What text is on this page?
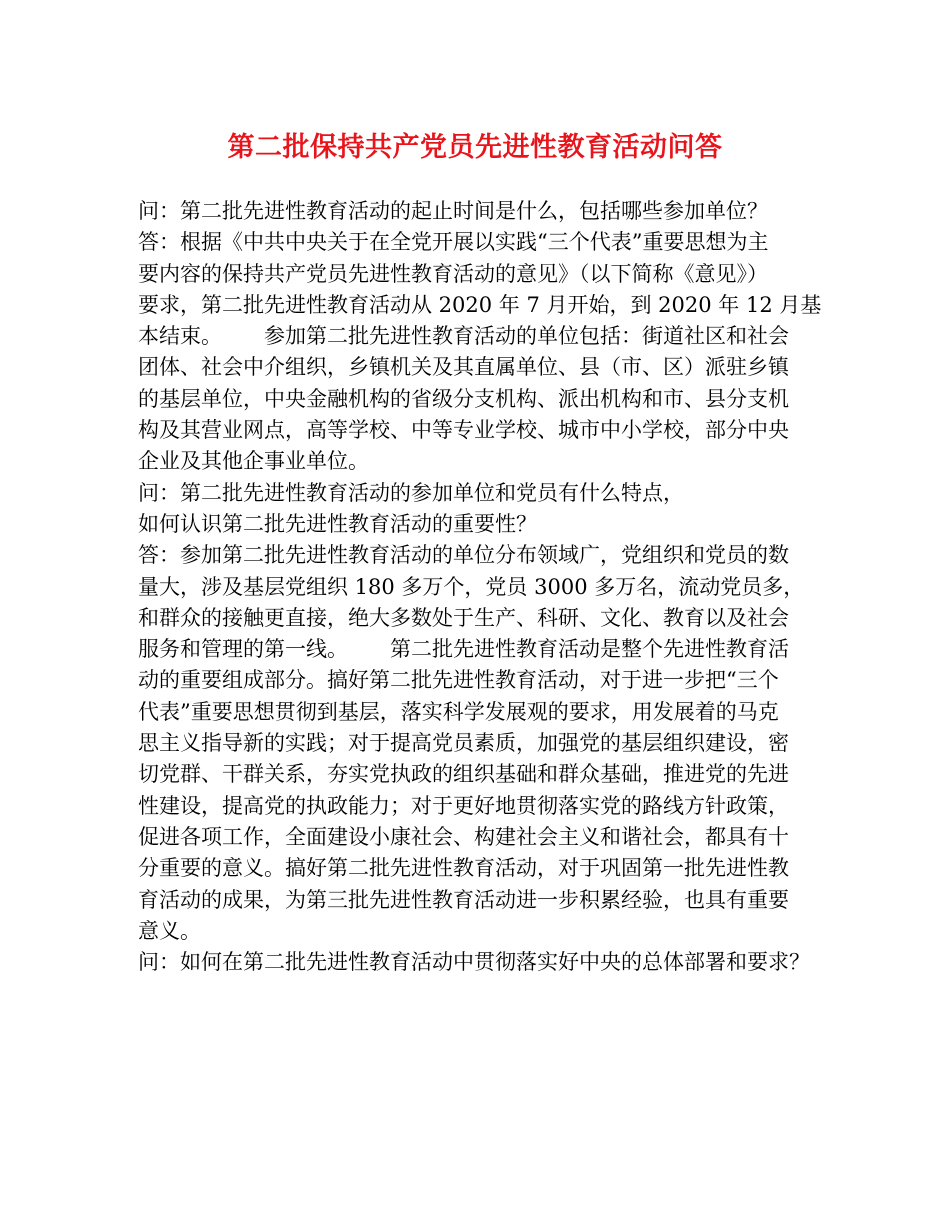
第二批保持共产党员先进性教育活动问答
问：第二批先进性教育活动的起止时间是什么，包括哪些参加单位？
答：根据《中共中央关于在全党开展以实践“三个代表”重要思想为主
要内容的保持共产党员先进性教育活动的意见》（以下简称《意见》）
要求，第二批先进性教育活动从 2020 年 7 月开始，到 2020 年 12 月基
本结束。 参加第二批先进性教育活动的单位包括：街道社区和社会
团体、社会中介组织，乡镇机关及其直属单位、县（市、区）派驻乡镇
的基层单位，中央金融机构的省级分支机构、派出机构和市、县分支机
构及其营业网点，高等学校、中等专业学校、城市中小学校，部分中央
企业及其他企事业单位。
问：第二批先进性教育活动的参加单位和党员有什么特点，
如何认识第二批先进性教育活动的重要性？
答：参加第二批先进性教育活动的单位分布领域广，党组织和党员的数
量大，涉及基层党组织 180 多万个，党员 3000 多万名，流动党员多，
和群众的接触更直接，绝大多数处于生产、科研、文化、教育以及社会
服务和管理的第一线。 第二批先进性教育活动是整个先进性教育活
动的重要组成部分。搞好第二批先进性教育活动，对于进一步把“三个
代表”重要思想贯彻到基层，落实科学发展观的要求，用发展着的马克
思主义指导新的实践；对于提高党员素质，加强党的基层组织建设，密
切党群、干群关系，夯实党执政的组织基础和群众基础，推进党的先进
性建设，提高党的执政能力；对于更好地贯彻落实党的路线方针政策，
促进各项工作，全面建设小康社会、构建社会主义和谐社会，都具有十
分重要的意义。搞好第二批先进性教育活动，对于巩固第一批先进性教
育活动的成果，为第三批先进性教育活动进一步积累经验，也具有重要
意义。
问：如何在第二批先进性教育活动中贯彻落实好中央的总体部署和要求？
